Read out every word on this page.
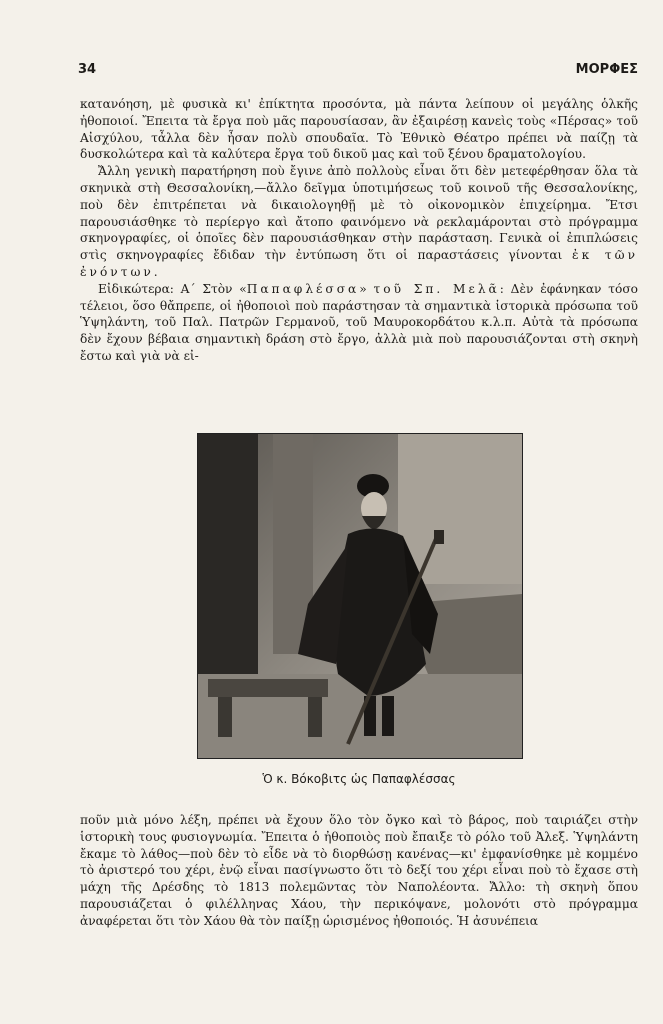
34	ΜΟΡΦΕΣ

κατανόηση, μὲ φυσικὰ κι' ἐπίκτητα προσόντα, μὰ πάντα λείπουν οἱ μεγάλης ὁλκῆς ἠθοποιοί. Ἔπειτα τὰ ἔργα ποὺ μᾶς παρουσίασαν, ἂν ἐξαιρέσῃ κανεὶς τοὺς «Πέρσας» τοῦ Αἰσχύλου, τἆλλα δὲν ἦσαν πολὺ σπουδαῖα. Τὸ Ἐθνικὸ Θέατρο πρέπει νὰ παίζῃ τὰ δυσκολώτερα καὶ τὰ καλύτερα ἔργα τοῦ δικοῦ μας καὶ τοῦ ξένου δραματολογίου.

Ἄλλη γενικὴ παρατήρηση ποὺ ἔγινε ἀπὸ πολλοὺς εἶναι ὅτι δὲν μετεφέρθησαν ὅλα τὰ σκηνικὰ στὴ Θεσσαλονίκη,—ἄλλο δεῖγμα ὑποτιμήσεως τοῦ κοινοῦ τῆς Θεσσαλονίκης, ποὺ δὲν ἐπιτρέπεται νὰ δικαιολογηθῇ μὲ τὸ οἰκονομικὸν ἐπιχείρημα. Ἔτσι παρουσιάσθηκε τὸ περίεργο καὶ ἄτοπο φαινόμενο νὰ ρεκλαμάρονται στὸ πρόγραμμα σκηνογραφίες, οἱ ὁποῖες δὲν παρουσιάσθηκαν στὴν παράσταση. Γενικὰ οἱ ἐπιπλώσεις στὶς σκηνογραφίες ἔδιδαν τὴν ἐντύπωση ὅτι οἱ παραστάσεις γίνονται ἐκ τῶν ἐνόντων.

Εἰδικώτερα: Α΄ Στὸν «Παπαφλέσσα» τοῦ Σπ. Μελᾶ: Δὲν ἐφάνηκαν τόσο τέλειοι, ὅσο θἄπρεπε, οἱ ἠθοποιοὶ ποὺ παράστησαν τὰ σημαντικὰ ἱστορικὰ πρόσωπα τοῦ Ὑψηλάντη, τοῦ Παλ. Πατρῶν Γερμανοῦ, τοῦ Μαυροκορδάτου κ.λ.π. Αὐτὰ τὰ πρόσωπα δὲν ἔχουν βέβαια σημαντικὴ δράση στὸ ἔργο, ἀλλὰ μιὰ ποὺ παρουσιάζονται στὴ σκηνὴ ἔστω καὶ γιὰ νὰ εἰ-

Ὁ κ. Βόκοβιτς ὡς Παπαφλέσσας

ποῦν μιὰ μόνο λέξη, πρέπει νὰ ἔχουν ὅλο τὸν ὄγκο καὶ τὸ βάρος, ποὺ ταιριάζει στὴν ἱστορικὴ τους φυσιογνωμία. Ἔπειτα ὁ ἠθοποιὸς ποὺ ἔπαιξε τὸ ρόλο τοῦ Ἀλεξ. Ὑψηλάντη ἔκαμε τὸ λάθος—ποὺ δὲν τὸ εἶδε νὰ τὸ διορθώσῃ κανένας—κι' ἐμφανίσθηκε μὲ κομμένο τὸ ἀριστερό του χέρι, ἐνῷ εἶναι πασίγνωστο ὅτι τὸ δεξί του χέρι εἶναι ποὺ τὸ ἔχασε στὴ μάχη τῆς Δρέσδης τὸ 1813 πολεμῶντας τὸν Ναπολέοντα. Ἄλλο: τὴ σκηνὴ ὅπου παρουσιάζεται ὁ φιλέλληνας Χάου, τὴν περικόψανε, μολονότι στὸ πρόγραμμα ἀναφέρεται ὅτι τὸν Χάου θὰ τὸν παίξῃ ὡρισμένος ἠθοποιός. Ἡ ἀσυνέπεια
